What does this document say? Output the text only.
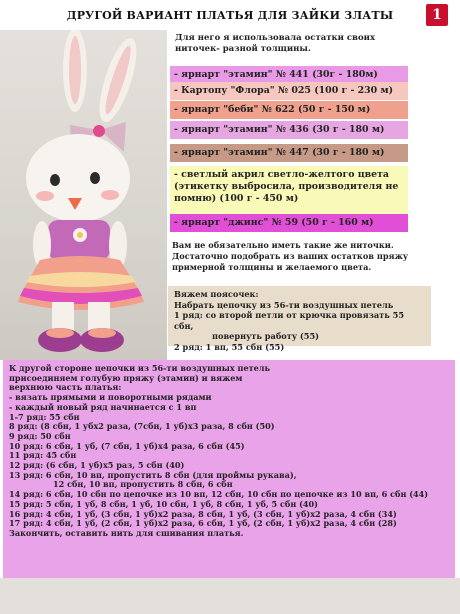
ДРУГОЙ ВАРИАНТ ПЛАТЬЯ ДЛЯ ЗАЙКИ ЗЛАТЫ	1
Для него я использовала остатки своих ниточек- разной толщины.
- ярнарт "этамин" № 441 (30г - 180м)
- Картопу "Флора" № 025 (100 г - 230 м)
- ярнарт "беби" № 622 (50 г - 150 м)
- ярнарт "этамин" № 436 (30 г - 180 м)
- ярнарт "этамин" № 447 (30 г - 180 м)
- светлый акрил светло-желтого цвета (этикетку выбросила, производителя не помню) (100 г - 450 м)
- ярнарт "джинс" № 59 (50 г - 160 м)
Вам не обязательно иметь такие же ниточки. Достаточно подобрать из ваших остатков пряжу примерной толщины и желаемого цвета.
Вяжем поясочек:
Набрать цепочку из 56-ти воздушных петель
1 ряд: со второй петли от крючка провязать 55 сбн,
повернуть работу (55)
2 ряд: 1 вп, 55 сбн (55)
К другой стороне цепочки из 56-ти воздушных петель
присоединяем голубую пряжу (этамин) и вяжем
верхнюю часть платья:
- вязать прямыми и поворотными рядами
- каждый новый ряд начинается с 1 вп
1-7 ряд: 55 сбн
8 ряд: (8 сбн, 1 убх2 раза, (7сбн, 1 уб)х3 раза, 8 сбн (50)
9 ряд: 50 сбн
10 ряд: 6 сбн, 1 уб, (7 сбн, 1 уб)х4 раза, 6 сбн (45)
11 ряд: 45 сбн
12 ряд: (6 сбн, 1 уб)х5 раз, 5 сбн (40)
13 ряд: 6 сбн, 10 вп, пропустить 8 сбн (для проймы рукава),
12 сбн, 10 вп, пропустить 8 сбн, 6 сбн
14 ряд: 6 сбн, 10 сбн по цепочке из 10 вп, 12 сбн, 10 сбн по цепочке из 10 вп, 6 сбн (44)
15 ряд: 5 сбн, 1 уб, 8 сбн, 1 уб, 10 сбн, 1 уб, 8 сбн, 1 уб, 5 сбн (40)
16 ряд: 4 сбн, 1 уб, (3 сбн, 1 уб)х2 раза, 8 сбн, 1 уб, (3 сбн, 1 уб)х2 раза, 4 сбн (34)
17 ряд: 4 сбн, 1 уб, (2 сбн, 1 уб)х2 раза, 6 сбн, 1 уб, (2 сбн, 1 уб)х2 раза, 4 сбн (28)
Закончить, оставить нить для сшивания платья.
